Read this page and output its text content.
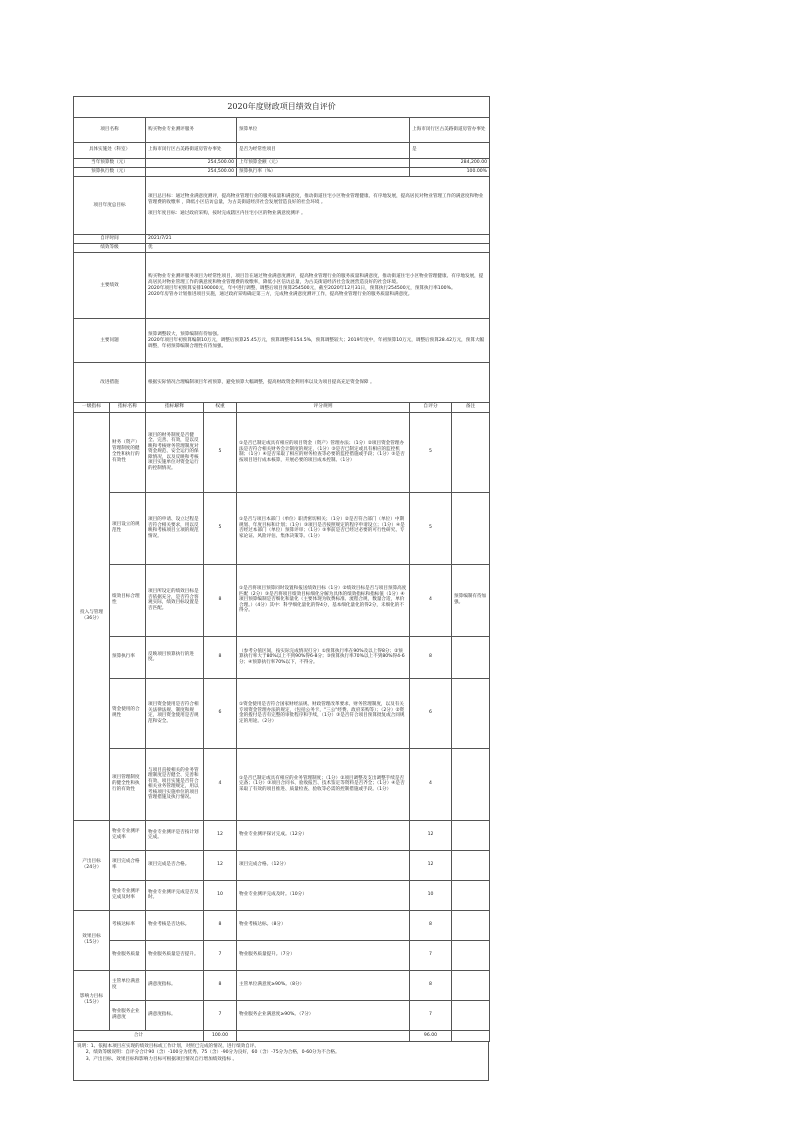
2020年度财政项目绩效自评价						
项目名称		购买物业专业测评服务		预算单位	上海市闵行区古美路街道房管办事处	
具体实施处（科室）		上海市闵行区古美路街道房管办事处		是否为经常性项目	是	
当年预算数（元）		254,500.00		上年预算金额（元）	284,200.00	
预算执行数（元）		254,500.00		预算执行率（%）	100.00%	
项目年度总目标		项目总目标：通过物业满意度测评，提高物业管理行业的服务质量和满意度，推动街道住宅小区物业管理健康、有序地发展，提高居民对物业管理工作的满意度和物业管理费的收缴率 ，降低小区信访总量，为古美街道经济社会发展营造良好的社会环境 。
项目年度目标：通过政府采购，按时完成辖区内住宅小区的物业满意度测评 。				

自评时间		2021/7/21				
绩效等级		优				
主要绩效		购买物业专业测评服务项目为经常性项目，项目旨在通过物业满意度测评，提高物业管理行业的服务质量和满意度，推动街道住宅小区物业管理健康、有序地发展，提高居民对物业管理工作的满意度和物业管理费的收缴率，降低小区信访总量，为古美街道经济社会发展营造良好的社会环境。
2020年项目年初预算安排190000元，年中进行调整，调整后项目预算254500元，截至2020年12月31日，预算执行254500元，预算执行率100%。
2020年房管办计划推进项目实施，通过政府采购确定第三方，完成物业满意度测评工作，提高物业管理行业的服务质量和满意度。				
主要问题		预算调整较大，预算编制有待加强。
2020年项目年初预算编制10万元，调整后预算25.45万元，预算调整率154.5%，预算调整较大；2019年度中，年初预算10万元，调整后预算28.42万元，预算大幅调整，年初预算编制合理性有待加强。				
改进措施		根据实际情况合理编制项目年初预算，避免预算大幅调整，提高财政资金利用率以及为项目提高充足资金保障 。				
一级指标	指标名称	指标解释	权重	评分规则	自评分	备注
投入与管理
（36分）	财务（资产）管理制度的健全性和执行的有效性	项目的财务制度是否健全、完善、有效，是以反映和考核财务管理制度对资金规范、安全运行的保障情况，以及反映和考核项目实施单位对资金运行的控制情况。	5	①是否已制定或具有相应的项目资金（资产）管理办法；（1分）②项目资金管理办法是否符合相关财务会计制度的规定，（1分）③是否已制定或具有相应的监控机制；（1分）④是否采取了相应的财务检查等必要的监控措施或手段；（1分）⑤是否按项目进行成本核算，开展必要的项目成本控制。（1分）	5	
	项目设立的规范性	项目的申请、设立过程是否符合相关要求，用以反映和考核项目立项的规范情况。	5	①是否与项目本部门（单位）职责密切相关；（1分）②是否符合部门（单位）中期规划、年度目标和计划；（1分）③项目是否按照规定的程序申请设立；（1分）④是否经过本部门（单位）预算评审；（1分）⑤事前是否已经过必要的可行性研究、专家论证、风险评估、集体决策等。（1分）	5	
	绩效目标合理性	项目所设定的绩效目标是否依据充分，是否符合客观实际，绩效目标设置是否匹配。	8	①是否将项目预算同时设置和报送绩效目标（1分）②绩效目标是否与项目预算高度匹配（2分）③是否将项目绩效目标细化分解为具体的绩效指标和指标值（1分）④项目预算编制是否细化和量化（主要体现为收费标准、流程合规，数量合适，单价合理。）（4分）其中：科学细化量化的得4分，基本细化量化的得2分，未细化的不得分。	4	预算编制有待加强。
	预算执行率	反映项目预算执行的进度。	8	（参考分值区间，按实际完成情况打分）①预算执行率在90%及以上得8分；②预算执行率大于80%以上不到90%得6-8分；③预算执行率70%以上不到80%得4-6分；④预算执行率70%以下，不得分。	8	
	资金使用的合规性	项目资金使用是否符合相关法律法规、制度和规定，项目资金使用是否规范和安全。	6	①资金使用是否符合国家财经法规、财政管理改革要求、财务管理制度，以及有关专项资金管理办法的规定，（包括公务卡，"三公"经费、政府采购等）；（2分）②资金的拨付是否有完整的审批程序和手续，（1分）③是否符合项目预算批复或合同规定的用途。（2分）	6	
	项目管理制度的健全性和执行的有效性	与项目直接相关的业务管理制度是否健全、完善和有效，项目实施是否符合相关业务管理规定，用以考核项目实施单位的项目管理措施及执行情况。	4	①是否已制定或具有相应的业务管理制度；（1分）②项目调整及支出调整手续是否完备；（1分）③项目合同书、验收报告、技术鉴定等资料是否齐全；（1分）④是否采取了有效的项目推进、质量检查、验收等必需的控制措施或手段。（1分）	4	
产出目标
（24分）	物业专业测评完成率	物业专业测评是否按计划完成。	12	物业专业测评探讨完成。（12分）	12	
	项目完成合格率	项目完成是否合格。	12	项目完成合格。（12分）	12	
	物业专业测评完成及时率	物业专业测评完成是否及时。	10	物业专业测评完成及时。（10分）	10	
效果目标
（15分）	考核达标率	物业考核是否达标。	8	物业考核达标。（8分）	8	
	物业服务质量	物业服务质量是否提升。	7	物业服务质量提升。（7分）	7	
影响力目标
（15分）	主管单位满意度	满意度指标。	8	主管单位满意度≥90%。（8分）	8	
	物业服务企业满意度	满意度指标。	7	物业服务企业满意度≥90%。（7分）	7	
合计			100.00		96.00	
说明：1、依据本项目应实现的绩效目标或工作计划，对照已完成的情况，进行绩效自评。
2、绩效等级说明：自评分合计90（含）-100分为优秀，75（含）-90分为良好，60（含）-75分为合格，0-60分为不合格。
3、产出目标、效果目标和影响力目标可根据项目情况自行增加绩效指标 。
